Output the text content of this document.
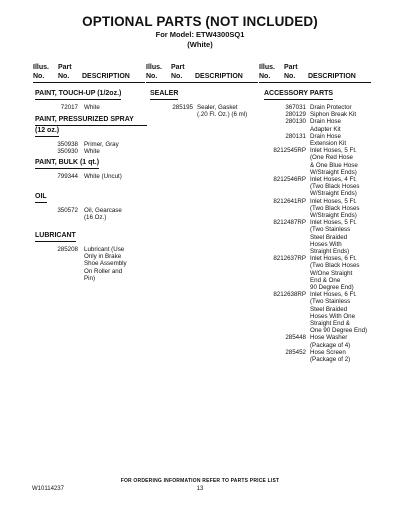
OPTIONAL PARTS (NOT INCLUDED)
For Model: ETW4300SQ1
(White)
Illus. Part
No. No. DESCRIPTION
Illus. Part
No. No. DESCRIPTION
Illus. Part
No. No. DESCRIPTION
PAINT, TOUCH-UP (1/2oz.)
72017 White
PAINT, PRESSURIZED SPRAY
(12 oz.)
350938 Primer, Gray
350930 White
PAINT, BULK (1 qt.)
799344 White (Uncut)
OIL
350572 Oil, Gearcase
(16 Oz.)
LUBRICANT
285208 Lubricant (Use
Only in Brake
Shoe Assembly
On Roller and
Pin)
SEALER
285195 Sealer, Gasket
(.20 Fl. Oz.) (6 ml)
ACCESSORY PARTS
367031 Drain Protector
280129 Siphon Break Kit
280130 Drain Hose
Adapter Kit
280131 Drain Hose
Extension Kit
8212545RP Inlet Hoses, 5 Ft.
(One Red Hose
& One Blue Hose
W/Straight Ends)
8212546RP Inlet Hoses, 4 Ft.
(Two Black Hoses
W/Straight Ends)
8212641RP Inlet Hoses, 5 Ft.
(Two Black Hoses
W/Straight Ends)
8212487RP Inlet Hoses, 5 Ft.
(Two Stainless
Steel Braided
Hoses With
Straight Ends)
8212637RP Inlet Hoses, 6 Ft.
(Two Black Hoses
W/One Straight
End & One
90 Degree End)
8212638RP Inlet Hoses, 6 Ft.
(Two Stainless
Steel Braided
Hoses With One
Straight End &
One 90 Degree End)
285448 Hose Washer
(Package of 4)
285452 Hose Screen
(Package of 2)
FOR ORDERING INFORMATION REFER TO PARTS PRICE LIST
W10114237	13
